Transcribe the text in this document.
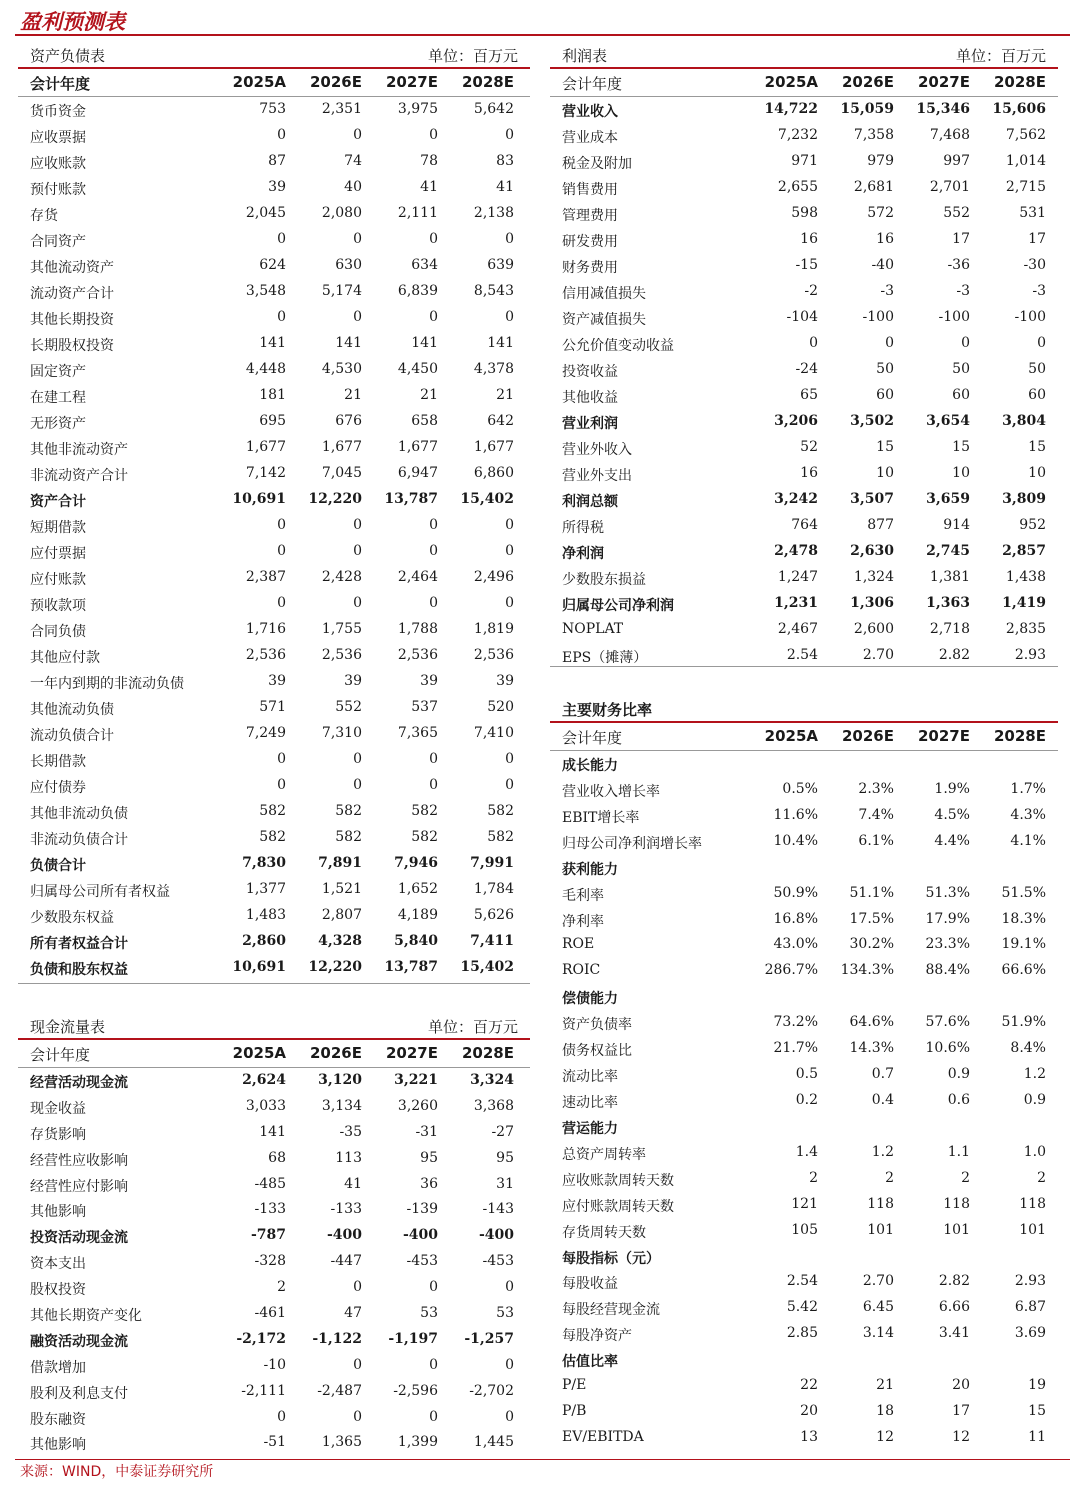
盈利预测表
资产负债表	单位：百万元
会计年度	2025A	2026E	2027E	2028E
货币资金	753	2,351	3,975	5,642
应收票据	0	0	0	0
应收账款	87	74	78	83
预付账款	39	40	41	41
存货	2,045	2,080	2,111	2,138
合同资产	0	0	0	0
其他流动资产	624	630	634	639
流动资产合计	3,548	5,174	6,839	8,543
其他长期投资	0	0	0	0
长期股权投资	141	141	141	141
固定资产	4,448	4,530	4,450	4,378
在建工程	181	21	21	21
无形资产	695	676	658	642
其他非流动资产	1,677	1,677	1,677	1,677
非流动资产合计	7,142	7,045	6,947	6,860
资产合计	10,691	12,220	13,787	15,402
短期借款	0	0	0	0
应付票据	0	0	0	0
应付账款	2,387	2,428	2,464	2,496
预收款项	0	0	0	0
合同负债	1,716	1,755	1,788	1,819
其他应付款	2,536	2,536	2,536	2,536
一年内到期的非流动负债	39	39	39	39
其他流动负债	571	552	537	520
流动负债合计	7,249	7,310	7,365	7,410
长期借款	0	0	0	0
应付债券	0	0	0	0
其他非流动负债	582	582	582	582
非流动负债合计	582	582	582	582
负债合计	7,830	7,891	7,946	7,991
归属母公司所有者权益	1,377	1,521	1,652	1,784
少数股东权益	1,483	2,807	4,189	5,626
所有者权益合计	2,860	4,328	5,840	7,411
负债和股东权益	10,691	12,220	13,787	15,402
现金流量表	单位：百万元
会计年度	2025A	2026E	2027E	2028E
经营活动现金流	2,624	3,120	3,221	3,324
现金收益	3,033	3,134	3,260	3,368
存货影响	141	-35	-31	-27
经营性应收影响	68	113	95	95
经营性应付影响	-485	41	36	31
其他影响	-133	-133	-139	-143
投资活动现金流	-787	-400	-400	-400
资本支出	-328	-447	-453	-453
股权投资	2	0	0	0
其他长期资产变化	-461	47	53	53
融资活动现金流	-2,172	-1,122	-1,197	-1,257
借款增加	-10	0	0	0
股利及利息支付	-2,111	-2,487	-2,596	-2,702
股东融资	0	0	0	0
其他影响	-51	1,365	1,399	1,445
利润表	单位：百万元
会计年度	2025A	2026E	2027E	2028E
营业收入	14,722	15,059	15,346	15,606
营业成本	7,232	7,358	7,468	7,562
税金及附加	971	979	997	1,014
销售费用	2,655	2,681	2,701	2,715
管理费用	598	572	552	531
研发费用	16	16	17	17
财务费用	-15	-40	-36	-30
信用减值损失	-2	-3	-3	-3
资产减值损失	-104	-100	-100	-100
公允价值变动收益	0	0	0	0
投资收益	-24	50	50	50
其他收益	65	60	60	60
营业利润	3,206	3,502	3,654	3,804
营业外收入	52	15	15	15
营业外支出	16	10	10	10
利润总额	3,242	3,507	3,659	3,809
所得税	764	877	914	952
净利润	2,478	2,630	2,745	2,857
少数股东损益	1,247	1,324	1,381	1,438
归属母公司净利润	1,231	1,306	1,363	1,419
NOPLAT	2,467	2,600	2,718	2,835
EPS（摊薄）	2.54	2.70	2.82	2.93
主要财务比率
会计年度	2025A	2026E	2027E	2028E
成长能力
营业收入增长率	0.5%	2.3%	1.9%	1.7%
EBIT增长率	11.6%	7.4%	4.5%	4.3%
归母公司净利润增长率	10.4%	6.1%	4.4%	4.1%
获利能力
毛利率	50.9%	51.1%	51.3%	51.5%
净利率	16.8%	17.5%	17.9%	18.3%
ROE	43.0%	30.2%	23.3%	19.1%
ROIC	286.7%	134.3%	88.4%	66.6%
偿债能力
资产负债率	73.2%	64.6%	57.6%	51.9%
债务权益比	21.7%	14.3%	10.6%	8.4%
流动比率	0.5	0.7	0.9	1.2
速动比率	0.2	0.4	0.6	0.9
营运能力
总资产周转率	1.4	1.2	1.1	1.0
应收账款周转天数	2	2	2	2
应付账款周转天数	121	118	118	118
存货周转天数	105	101	101	101
每股指标（元）
每股收益	2.54	2.70	2.82	2.93
每股经营现金流	5.42	6.45	6.66	6.87
每股净资产	2.85	3.14	3.41	3.69
估值比率
P/E	22	21	20	19
P/B	20	18	17	15
EV/EBITDA	13	12	12	11
来源：WIND，中泰证券研究所
